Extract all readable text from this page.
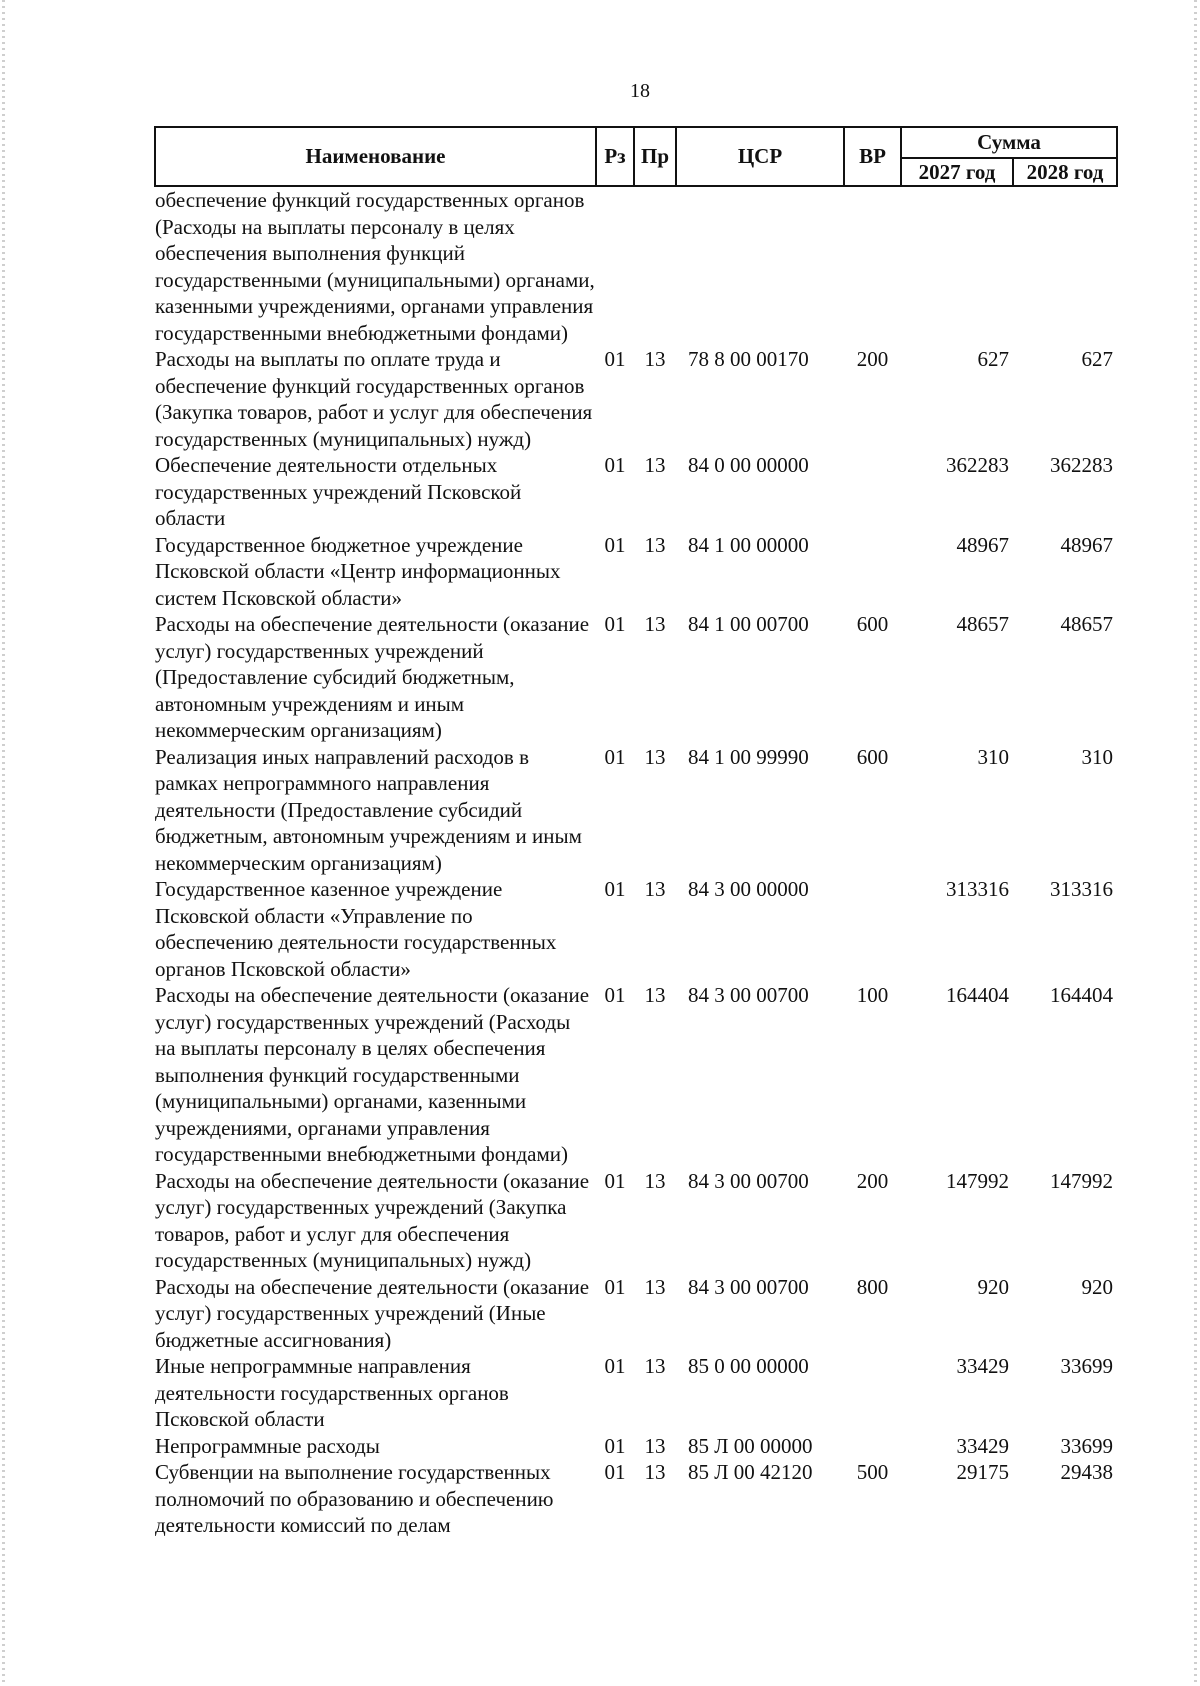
18
Наименование	Рз	Пр	ЦСР	ВР	Сумма	
					2027 год	2028 год
обеспечение функций государственных органов (Расходы на выплаты персоналу в целях обеспечения выполнения функций государственными (муниципальными) органами, казенными учреждениями, органами управления государственными внебюджетными фондами)						
Расходы на выплаты по оплате труда и обеспечение функций государственных органов (Закупка товаров, работ и услуг для обеспечения государственных (муниципальных) нужд)	01	13	78 8 00 00170	200	627	627
Обеспечение деятельности отдельных государственных учреждений Псковской области	01	13	84 0 00 00000		362283	362283
Государственное бюджетное учреждение Псковской области «Центр информационных систем Псковской области»	01	13	84 1 00 00000		48967	48967
Расходы на обеспечение деятельности (оказание услуг) государственных учреждений (Предоставление субсидий бюджетным, автономным учреждениям и иным некоммерческим организациям)	01	13	84 1 00 00700	600	48657	48657
Реализация иных направлений расходов в рамках непрограммного направления деятельности (Предоставление субсидий бюджетным, автономным учреждениям и иным некоммерческим организациям)	01	13	84 1 00 99990	600	310	310
Государственное казенное учреждение Псковской области «Управление по обеспечению деятельности государственных органов Псковской области»	01	13	84 3 00 00000		313316	313316
Расходы на обеспечение деятельности (оказание услуг) государственных учреждений (Расходы на выплаты персоналу в целях обеспечения выполнения функций государственными (муниципальными) органами, казенными учреждениями, органами управления государственными внебюджетными фондами)	01	13	84 3 00 00700	100	164404	164404
Расходы на обеспечение деятельности (оказание услуг) государственных учреждений (Закупка товаров, работ и услуг для обеспечения государственных (муниципальных) нужд)	01	13	84 3 00 00700	200	147992	147992
Расходы на обеспечение деятельности (оказание услуг) государственных учреждений (Иные бюджетные ассигнования)	01	13	84 3 00 00700	800	920	920
Иные непрограммные направления деятельности государственных органов Псковской области	01	13	85 0 00 00000		33429	33699
Непрограммные расходы	01	13	85 Л 00 00000		33429	33699
Субвенции на выполнение государственных полномочий по образованию и обеспечению деятельности комиссий по делам	01	13	85 Л 00 42120	500	29175	29438
